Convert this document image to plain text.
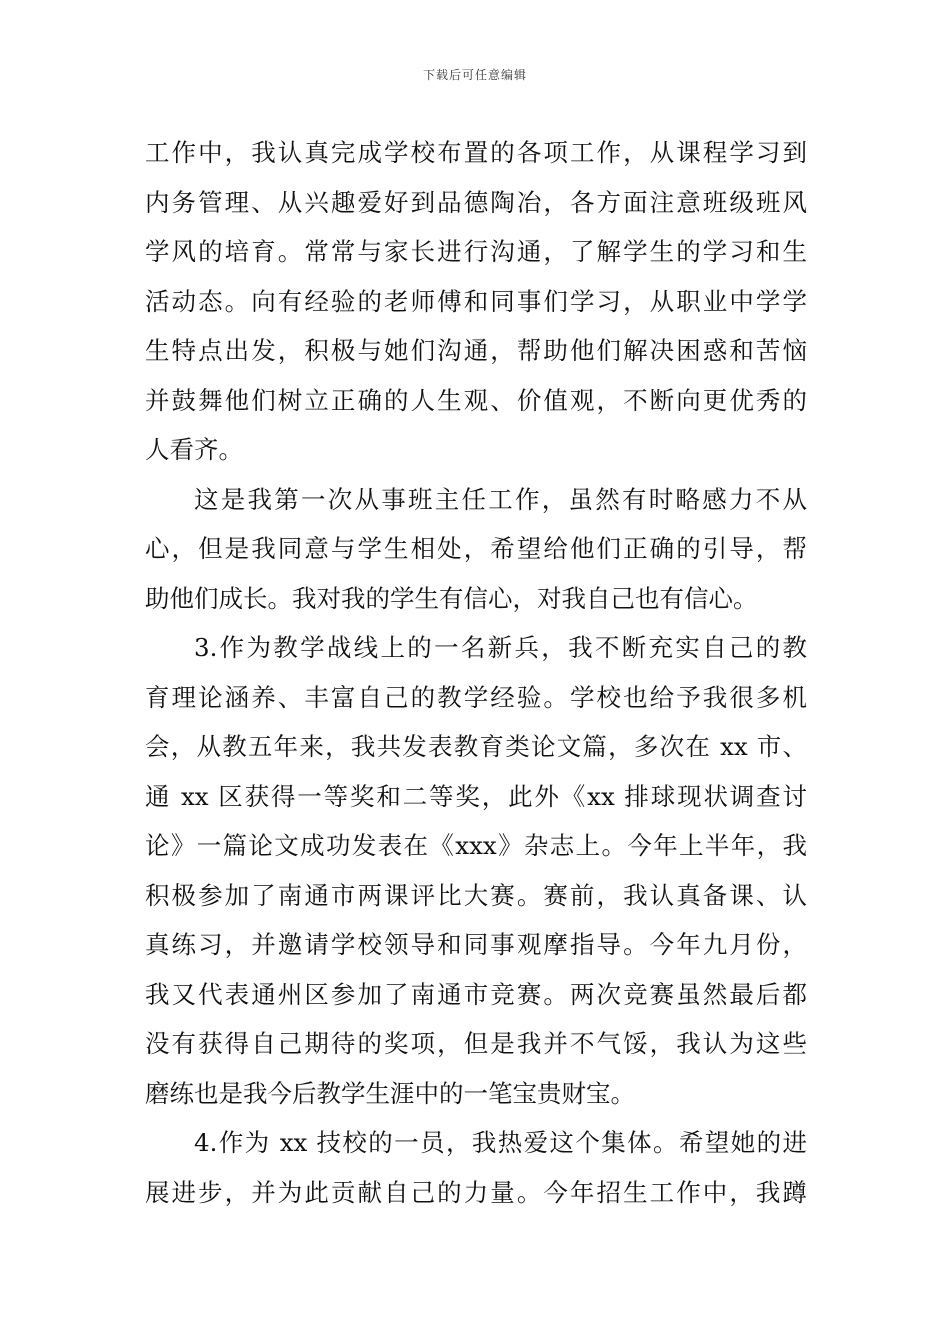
下载后可任意编辑
工作中，我认真完成学校布置的各项工作，从课程学习到
内务管理、从兴趣爱好到品德陶冶，各方面注意班级班风
学风的培育。常常与家长进行沟通，了解学生的学习和生
活动态。向有经验的老师傅和同事们学习，从职业中学学
生特点出发，积极与她们沟通，帮助他们解决困惑和苦恼
并鼓舞他们树立正确的人生观、价值观，不断向更优秀的
人看齐。
这是我第一次从事班主任工作，虽然有时略感力不从
心，但是我同意与学生相处，希望给他们正确的引导，帮
助他们成长。我对我的学生有信心，对我自己也有信心。
3.作为教学战线上的一名新兵，我不断充实自己的教
育理论涵养、丰富自己的教学经验。学校也给予我很多机
会，从教五年来，我共发表教育类论文篇，多次在 xx 市、
通 xx 区获得一等奖和二等奖，此外《xx 排球现状调查讨
论》一篇论文成功发表在《xxx》杂志上。今年上半年，我
积极参加了南通市两课评比大赛。赛前，我认真备课、认
真练习，并邀请学校领导和同事观摩指导。今年九月份，
我又代表通州区参加了南通市竞赛。两次竞赛虽然最后都
没有获得自己期待的奖项，但是我并不气馁，我认为这些
磨练也是我今后教学生涯中的一笔宝贵财宝。
4.作为 xx 技校的一员，我热爱这个集体。希望她的进
展进步，并为此贡献自己的力量。今年招生工作中，我蹲
